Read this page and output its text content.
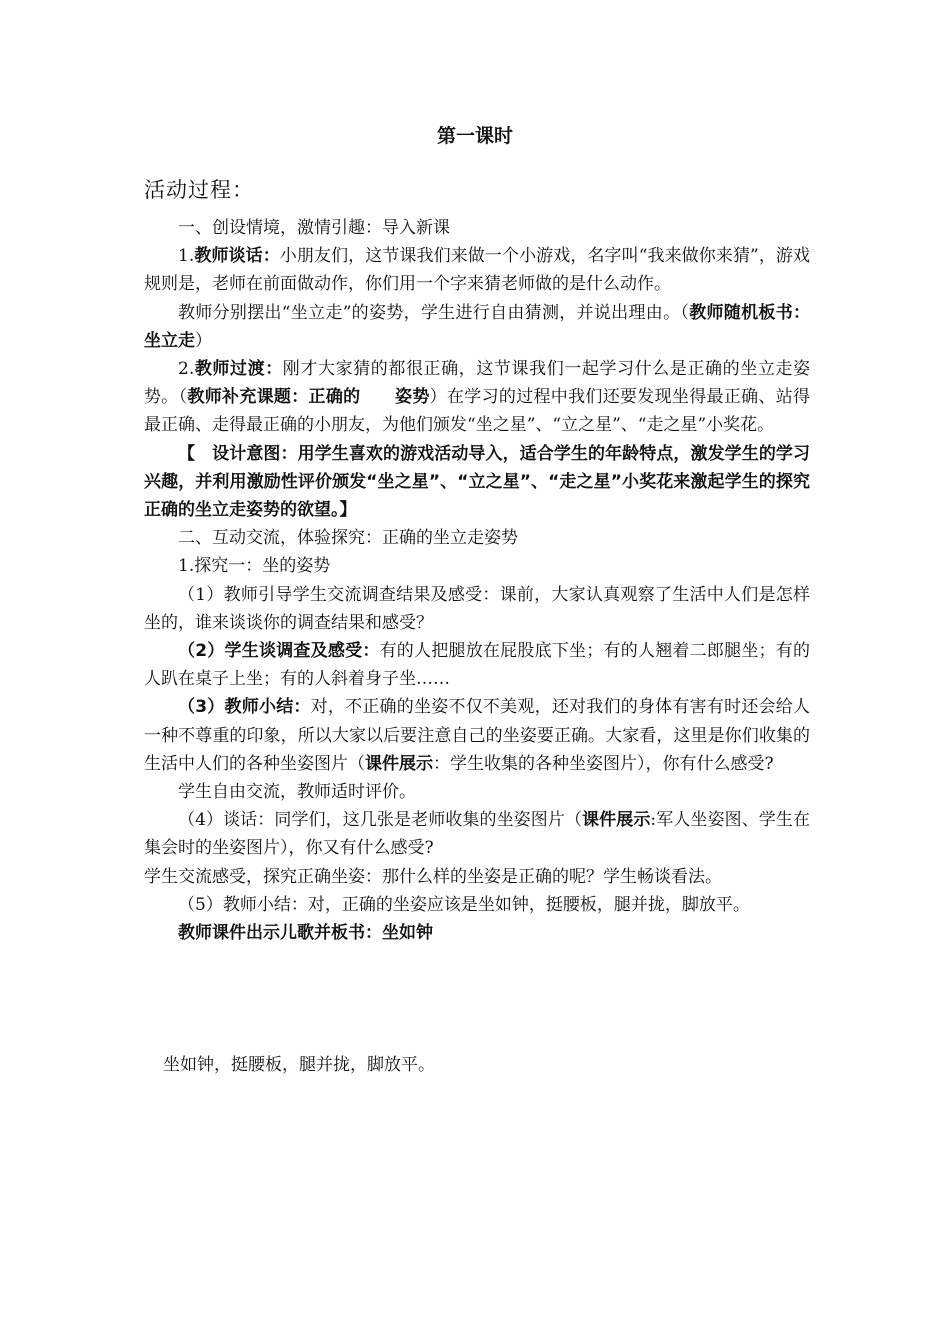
第一课时
活动过程：

一、创设情境，激情引趣：导入新课

1.教师谈话：小朋友们，这节课我们来做一个小游戏，名字叫“我来做你来猜”，游戏规则是，老师在前面做动作，你们用一个字来猜老师做的是什么动作。

教师分别摆出“坐立走”的姿势，学生进行自由猜测，并说出理由。（教师随机板书：坐立走）

2.教师过渡：刚才大家猜的都很正确，这节课我们一起学习什么是正确的坐立走姿势。（教师补充课题：正确的　　姿势）在学习的过程中我们还要发现坐得最正确、站得最正确、走得最正确的小朋友，为他们颁发“坐之星”、“立之星”、“走之星”小奖花。

【　设计意图：用学生喜欢的游戏活动导入，适合学生的年龄特点，激发学生的学习兴趣，并利用激励性评价颁发“坐之星”、“立之星”、“走之星”小奖花来激起学生的探究正确的坐立走姿势的欲望。】

二、互动交流，体验探究：正确的坐立走姿势

1.探究一：坐的姿势

（1）教师引导学生交流调查结果及感受：课前，大家认真观察了生活中人们是怎样坐的，谁来谈谈你的调查结果和感受？

（2）学生谈调查及感受：有的人把腿放在屁股底下坐；有的人翘着二郎腿坐；有的人趴在桌子上坐；有的人斜着身子坐……

（3）教师小结：对，不正确的坐姿不仅不美观，还对我们的身体有害有时还会给人一种不尊重的印象，所以大家以后要注意自己的坐姿要正确。大家看，这里是你们收集的生活中人们的各种坐姿图片（课件展示：学生收集的各种坐姿图片），你有什么感受?

学生自由交流，教师适时评价。

（4）谈话：同学们，这几张是老师收集的坐姿图片（课件展示:军人坐姿图、学生在集会时的坐姿图片），你又有什么感受?

学生交流感受，探究正确坐姿：那什么样的坐姿是正确的呢？学生畅谈看法。

（5）教师小结：对，正确的坐姿应该是坐如钟，挺腰板，腿并拢，脚放平。

教师课件出示儿歌并板书：坐如钟

坐如钟，挺腰板，腿并拢，脚放平。
